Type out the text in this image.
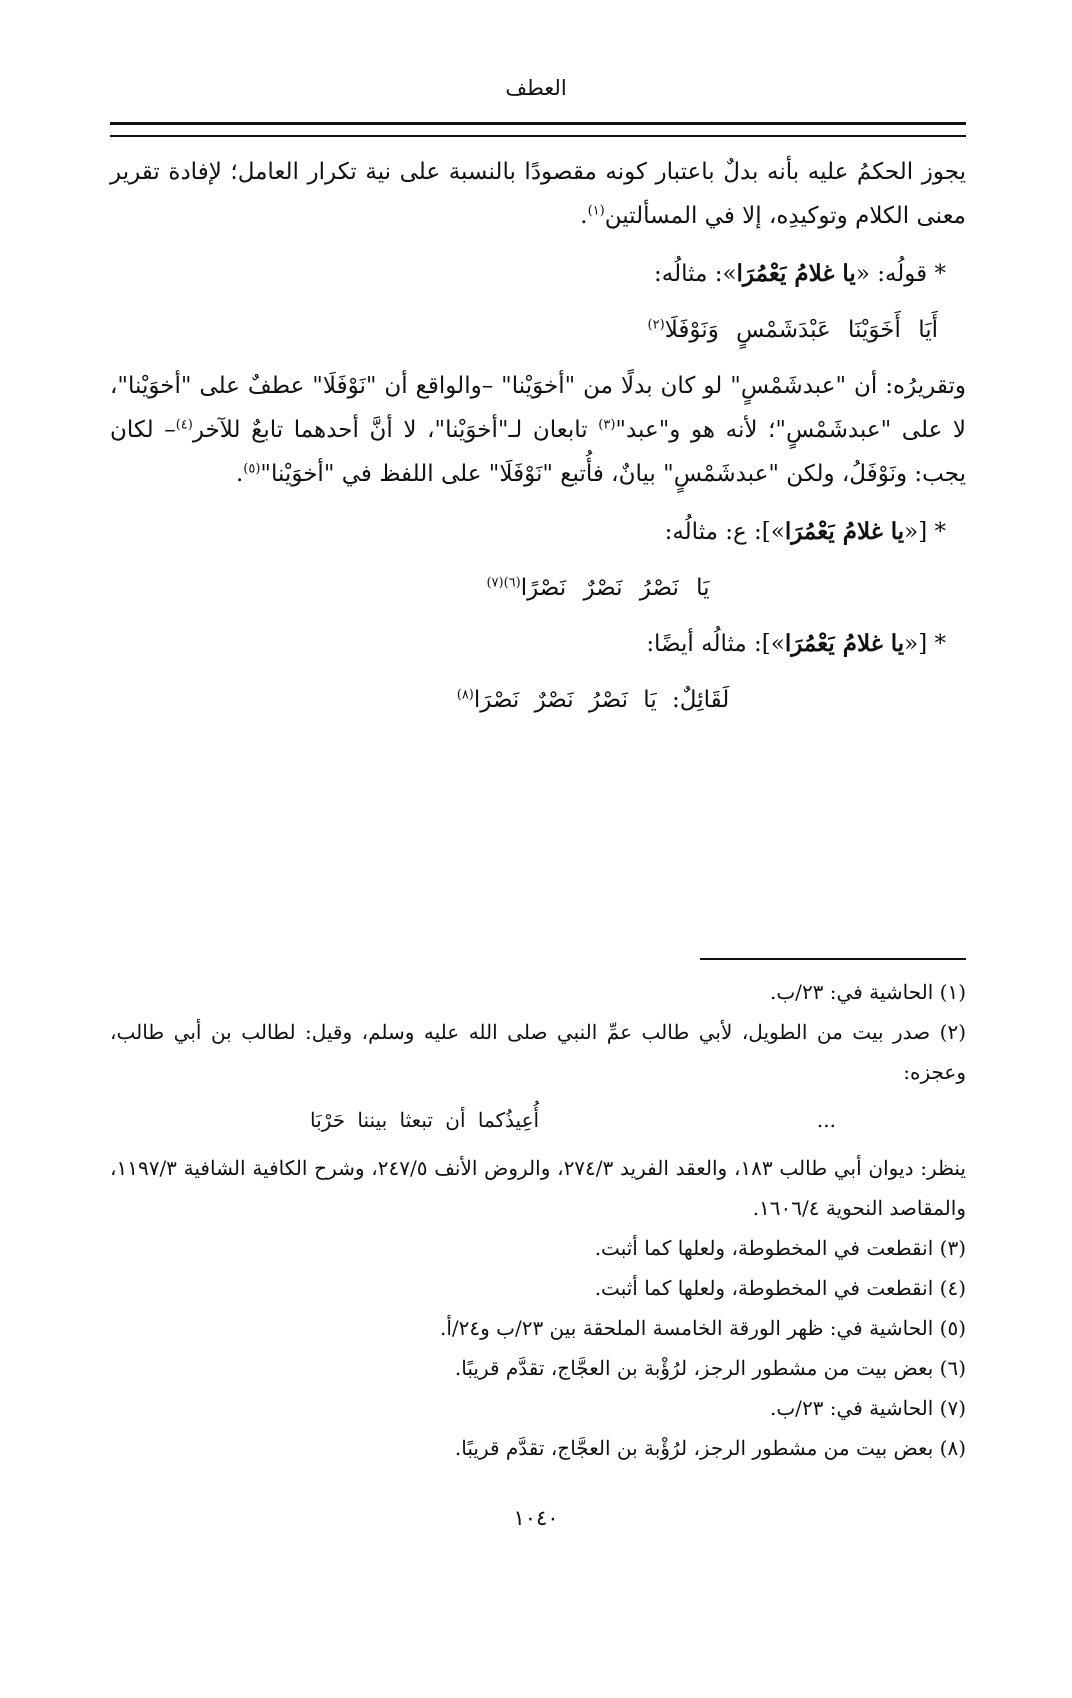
العطف

يجوز الحكمُ عليه بأنه بدلٌ باعتبار كونه مقصودًا بالنسبة على نية تكرار العامل؛ لإفادة تقرير معنى الكلام وتوكيدِه، إلا في المسألتين$^{(١)}$.

* قولُه: «يا غلامُ يَعْمُرَا»: مثالُه:

أَيَا أَخَوَيْنَا عَبْدَشَمْسٍ وَنَوْفَلَا$^{(٢)}$

وتقريرُه: أن "عبدشَمْسٍ" لو كان بدلًا من "أخوَيْنا" –والواقع أن "نَوْفَلَا" عطفٌ على "أخوَيْنا"، لا على "عبدشَمْسٍ"؛ لأنه هو و"عبد"$^{(٣)}$ تابعان لـ"أخوَيْنا"، لا أنَّ أحدهما تابعٌ للآخر$^{(٤)}$– لكان يجب: ونَوْفَلُ، ولكن "عبدشَمْسٍ" بيانٌ، فأُتبع "نَوْفَلَا" على اللفظ في "أخوَيْنا"$^{(٥)}$.

* [«يا غلامُ يَعْمُرَا»]: ع: مثالُه:

يَا نَصْرُ نَصْرٌ نَصْرًا$^{(٦)(٧)}$

* [«يا غلامُ يَعْمُرَا»]: مثالُه أيضًا:

لَقَائِلٌ: يَا نَصْرُ نَصْرٌ نَصْرَا$^{(٨)}$

(١) الحاشية في: ٢٣/ب.

(٢) صدر بيت من الطويل، لأبي طالب عمِّ النبي صلى الله عليه وسلم، وقيل: لطالب بن أبي طالب، وعجزه:

...
أُعِيذُكما أن تبعثا بيننا حَرْبَا

ينظر: ديوان أبي طالب ١٨٣، والعقد الفريد ٢٧٤/٣، والروض الأنف ٢٤٧/٥، وشرح الكافية الشافية ١١٩٧/٣، والمقاصد النحوية ١٦٠٦/٤.

(٣) انقطعت في المخطوطة، ولعلها كما أثبت.

(٤) انقطعت في المخطوطة، ولعلها كما أثبت.

(٥) الحاشية في: ظهر الورقة الخامسة الملحقة بين ٢٣/ب و٢٤/أ.

(٦) بعض بيت من مشطور الرجز، لرُؤْبة بن العجَّاج، تقدَّم قريبًا.

(٧) الحاشية في: ٢٣/ب.

(٨) بعض بيت من مشطور الرجز، لرُؤْبة بن العجَّاج، تقدَّم قريبًا.

١٠٤٠
